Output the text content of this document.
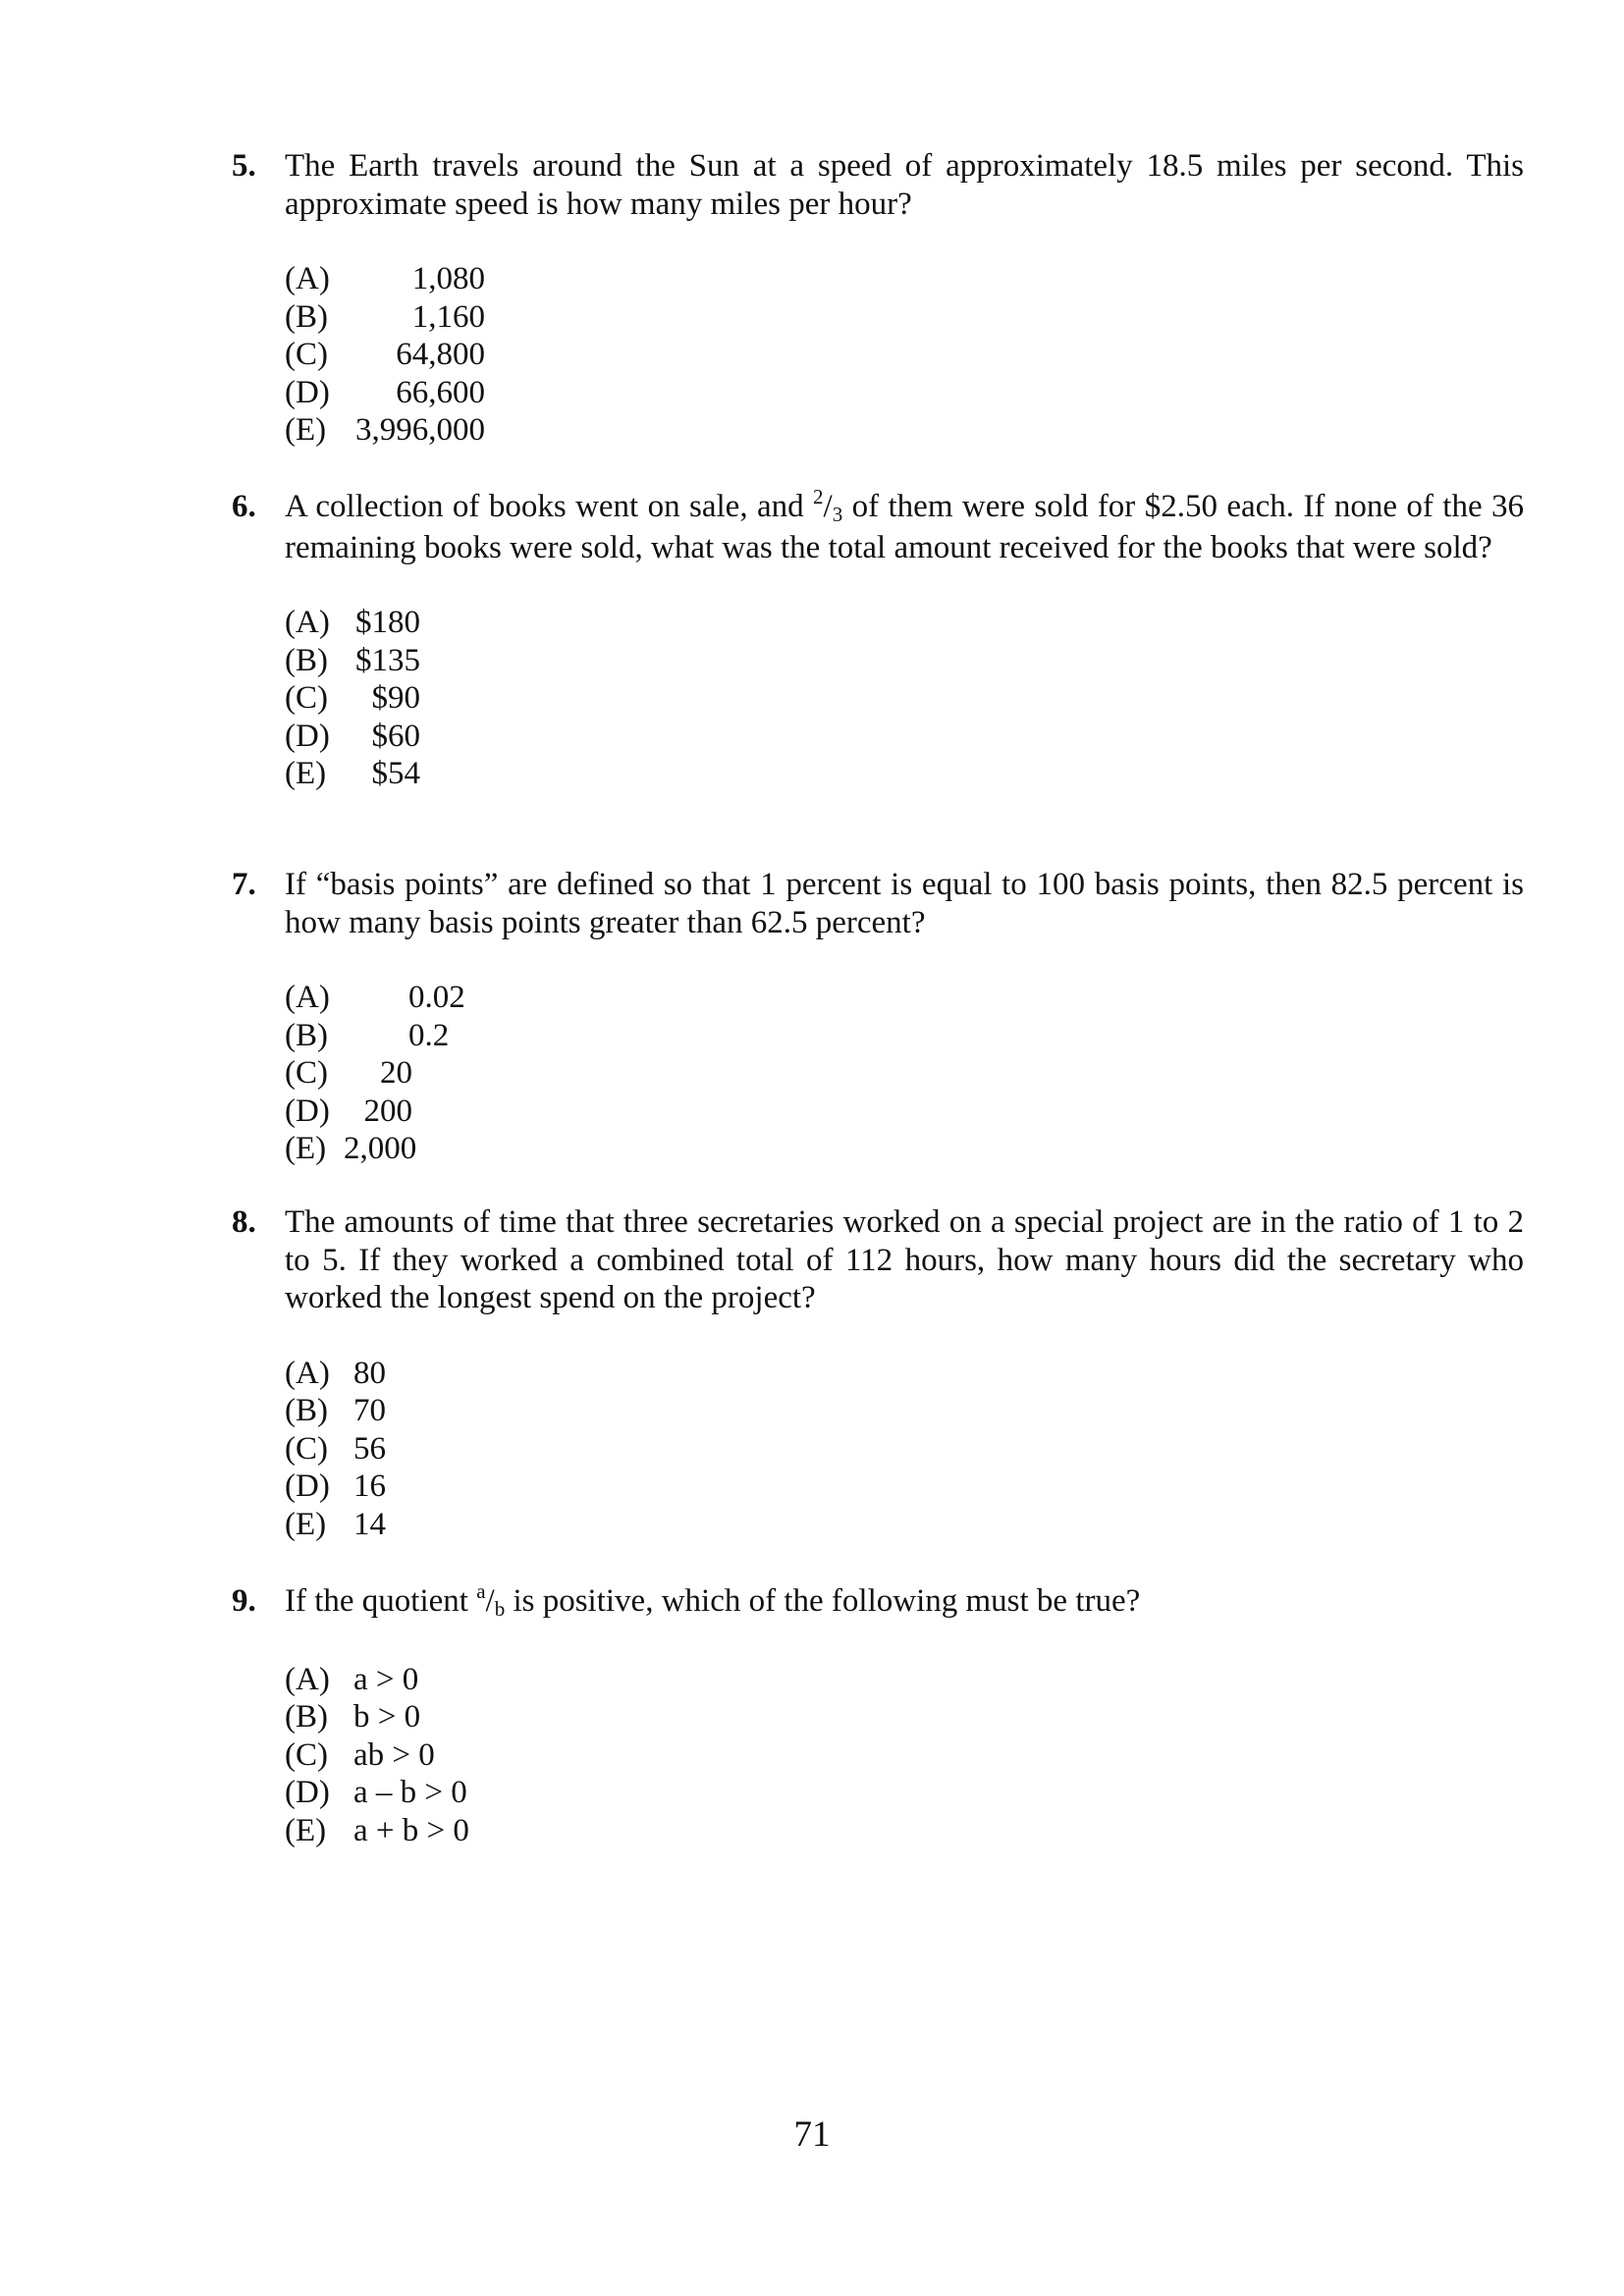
5. The Earth travels around the Sun at a speed of approximately 18.5 miles per second. This approximate speed is how many miles per hour?
(A)	1,080
(B)	1,160
(C)	64,800
(D)	66,600
(E) 3,996,000
6. A collection of books went on sale, and $^2/_3$ of them were sold for $2.50 each. If none of the 36 remaining books were sold, what was the total amount received for the books that were sold?
(A) $180
(B) $135
(C)	$90
(D)	$60
(E)	$54
7. If “basis points” are defined so that 1 percent is equal to 100 basis points, then 82.5 percent is how many basis points greater than 62.5 percent?
(A) 0.02
(B) 0.2
(C)	20
(D)	200
(E) 2,000
8. The amounts of time that three secretaries worked on a special project are in the ratio of 1 to 2 to 5. If they worked a combined total of 112 hours, how many hours did the secretary who worked the longest spend on the project?
(A) 80
(B) 70
(C) 56
(D) 16
(E) 14
9. If the quotient $^a/_b$ is positive, which of the following must be true?
(A) a > 0
(B) b > 0
(C) ab > 0
(D) a – b > 0
(E) a + b > 0
71
